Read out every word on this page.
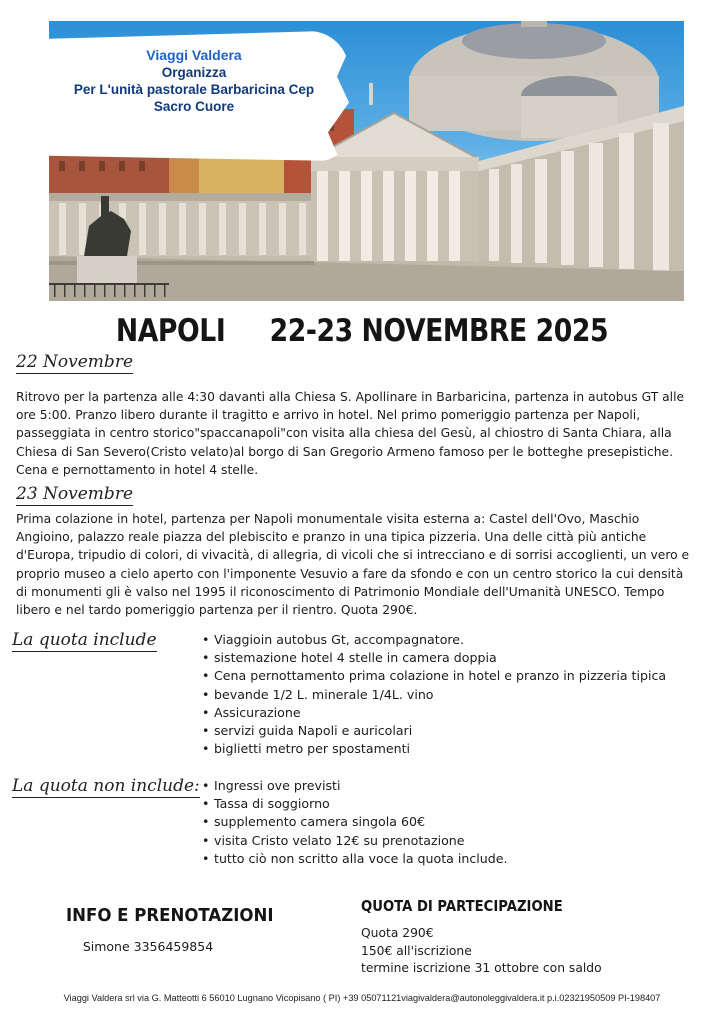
Viaggi Valdera
Organizza
Per L'unità pastorale Barbaricina Cep
Sacro Cuore
NAPOLI     22-23 NOVEMBRE 2025
22 Novembre
Ritrovo per la partenza alle 4:30 davanti alla Chiesa S. Apollinare in Barbaricina, partenza in autobus GT alle ore 5:00. Pranzo libero durante il tragitto e arrivo in hotel. Nel primo pomeriggio partenza per Napoli, passeggiata in centro storico"spaccanapoli"con visita alla chiesa del Gesù, al chiostro di Santa Chiara, alla Chiesa di San Severo(Cristo velato)al borgo di San Gregorio Armeno famoso per le botteghe presepistiche. Cena e pernottamento in hotel 4 stelle.
23 Novembre
Prima colazione in hotel, partenza per Napoli monumentale visita esterna a: Castel dell'Ovo, Maschio Angioino, palazzo reale piazza del plebiscito e pranzo in una tipica pizzeria. Una delle città più antiche d'Europa, tripudio di colori, di vivacità, di allegria, di vicoli che si intrecciano e di sorrisi accoglienti, un vero e proprio museo a cielo aperto con l'imponente Vesuvio a fare da sfondo e con un centro storico la cui densità di monumenti gli è valso nel 1995 il riconoscimento di Patrimonio Mondiale dell'Umanità UNESCO. Tempo libero e nel tardo pomeriggio partenza per il rientro. Quota 290€.
La quota include	• Viaggioin autobus Gt, accompagnatore.
• sistemazione hotel 4 stelle in camera doppia
• Cena pernottamento prima colazione in hotel e pranzo in pizzeria tipica
• bevande 1/2 L. minerale 1/4L. vino
• Assicurazione
• servizi guida Napoli e auricolari
• biglietti metro per spostamenti
La quota non include:	• Ingressi ove previsti
• Tassa di soggiorno
• supplemento camera singola 60€
• visita Cristo velato 12€ su prenotazione
• tutto ciò non scritto alla voce la quota include.
INFO E PRENOTAZIONI
Simone 3356459854
QUOTA DI PARTECIPAZIONE
Quota 290€
150€ all'iscrizione
termine iscrizione 31 ottobre con saldo
Viaggi Valdera srl via G. Matteotti 6 56010 Lugnano Vicopisano ( PI) +39 05071121viagivaldera@autonoleggivaldera.it p.i.02321950509 PI-198407
